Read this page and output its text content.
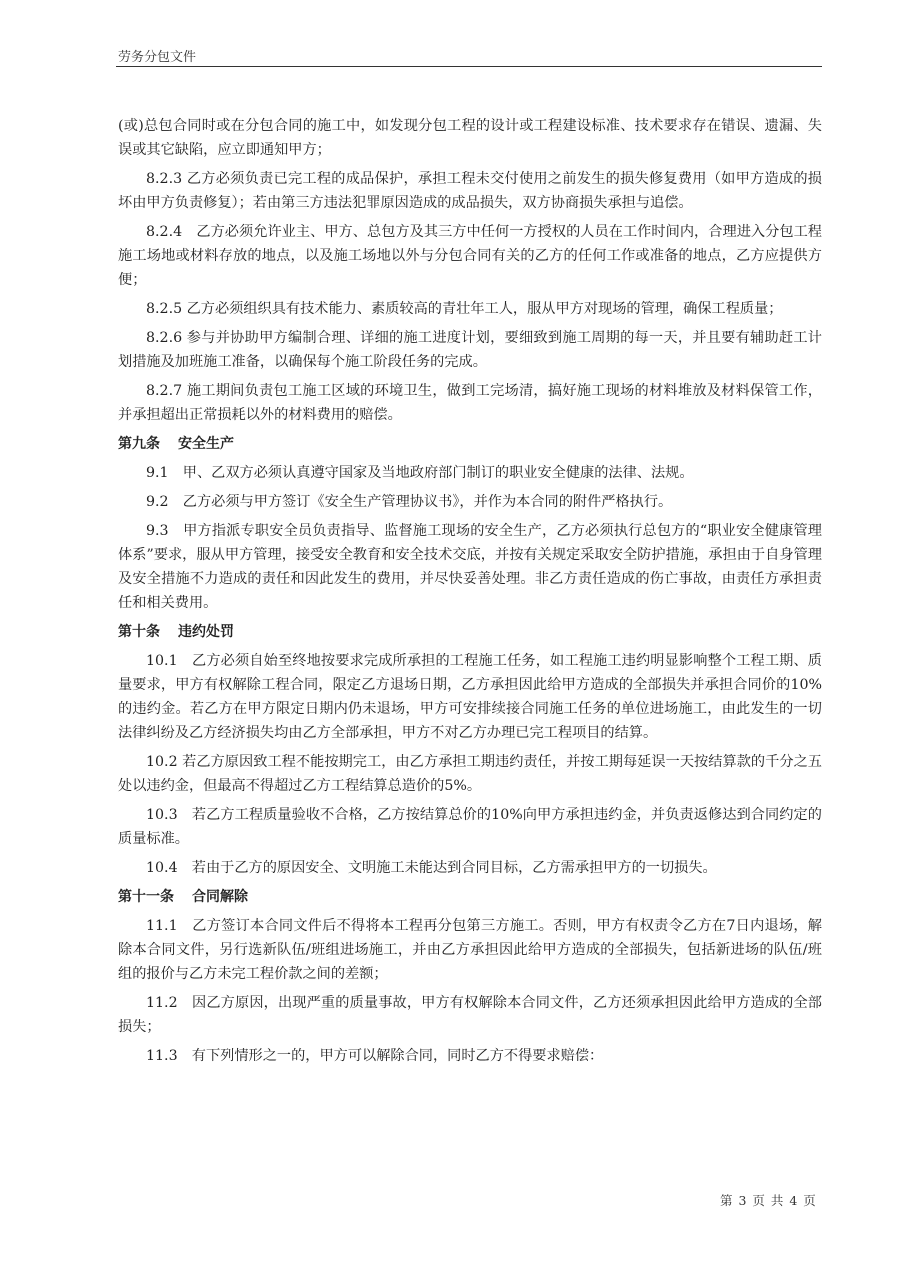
劳务分包文件

(或)总包合同时或在分包合同的施工中，如发现分包工程的设计或工程建设标准、技术要求存在错误、遗漏、失误或其它缺陷，应立即通知甲方；

8.2.3 乙方必须负责已完工程的成品保护，承担工程未交付使用之前发生的损失修复费用（如甲方造成的损坏由甲方负责修复）；若由第三方违法犯罪原因造成的成品损失，双方协商损失承担与追偿。

8.2.4　乙方必须允许业主、甲方、总包方及其三方中任何一方授权的人员在工作时间内，合理进入分包工程施工场地或材料存放的地点，以及施工场地以外与分包合同有关的乙方的任何工作或准备的地点，乙方应提供方便；

8.2.5 乙方必须组织具有技术能力、素质较高的青壮年工人，服从甲方对现场的管理，确保工程质量；

8.2.6 参与并协助甲方编制合理、详细的施工进度计划，要细致到施工周期的每一天，并且要有辅助赶工计划措施及加班施工准备，以确保每个施工阶段任务的完成。

8.2.7 施工期间负责包工施工区域的环境卫生，做到工完场清，搞好施工现场的材料堆放及材料保管工作，并承担超出正常损耗以外的材料费用的赔偿。

第九条 安全生产

9.1　甲、乙双方必须认真遵守国家及当地政府部门制订的职业安全健康的法律、法规。

9.2　乙方必须与甲方签订《安全生产管理协议书》，并作为本合同的附件严格执行。

9.3　甲方指派专职安全员负责指导、监督施工现场的安全生产，乙方必须执行总包方的“职业安全健康管理体系”要求，服从甲方管理，接受安全教育和安全技术交底，并按有关规定采取安全防护措施，承担由于自身管理及安全措施不力造成的责任和因此发生的费用，并尽快妥善处理。非乙方责任造成的伤亡事故，由责任方承担责任和相关费用。

第十条 违约处罚

10.1　乙方必须自始至终地按要求完成所承担的工程施工任务，如工程施工违约明显影响整个工程工期、质量要求，甲方有权解除工程合同，限定乙方退场日期，乙方承担因此给甲方造成的全部损失并承担合同价的10%的违约金。若乙方在甲方限定日期内仍未退场，甲方可安排续接合同施工任务的单位进场施工，由此发生的一切法律纠纷及乙方经济损失均由乙方全部承担，甲方不对乙方办理已完工程项目的结算。

10.2 若乙方原因致工程不能按期完工，由乙方承担工期违约责任，并按工期每延误一天按结算款的千分之五处以违约金，但最高不得超过乙方工程结算总造价的5%。

10.3　若乙方工程质量验收不合格，乙方按结算总价的10%向甲方承担违约金，并负责返修达到合同约定的质量标准。

10.4　若由于乙方的原因安全、文明施工未能达到合同目标，乙方需承担甲方的一切损失。

第十一条 合同解除

11.1　乙方签订本合同文件后不得将本工程再分包第三方施工。否则，甲方有权责令乙方在7日内退场，解除本合同文件，另行选新队伍/班组进场施工，并由乙方承担因此给甲方造成的全部损失，包括新进场的队伍/班组的报价与乙方未完工程价款之间的差额；

11.2　因乙方原因，出现严重的质量事故，甲方有权解除本合同文件，乙方还须承担因此给甲方造成的全部损失；

11.3　有下列情形之一的，甲方可以解除合同，同时乙方不得要求赔偿：

第 3 页 共 4 页
